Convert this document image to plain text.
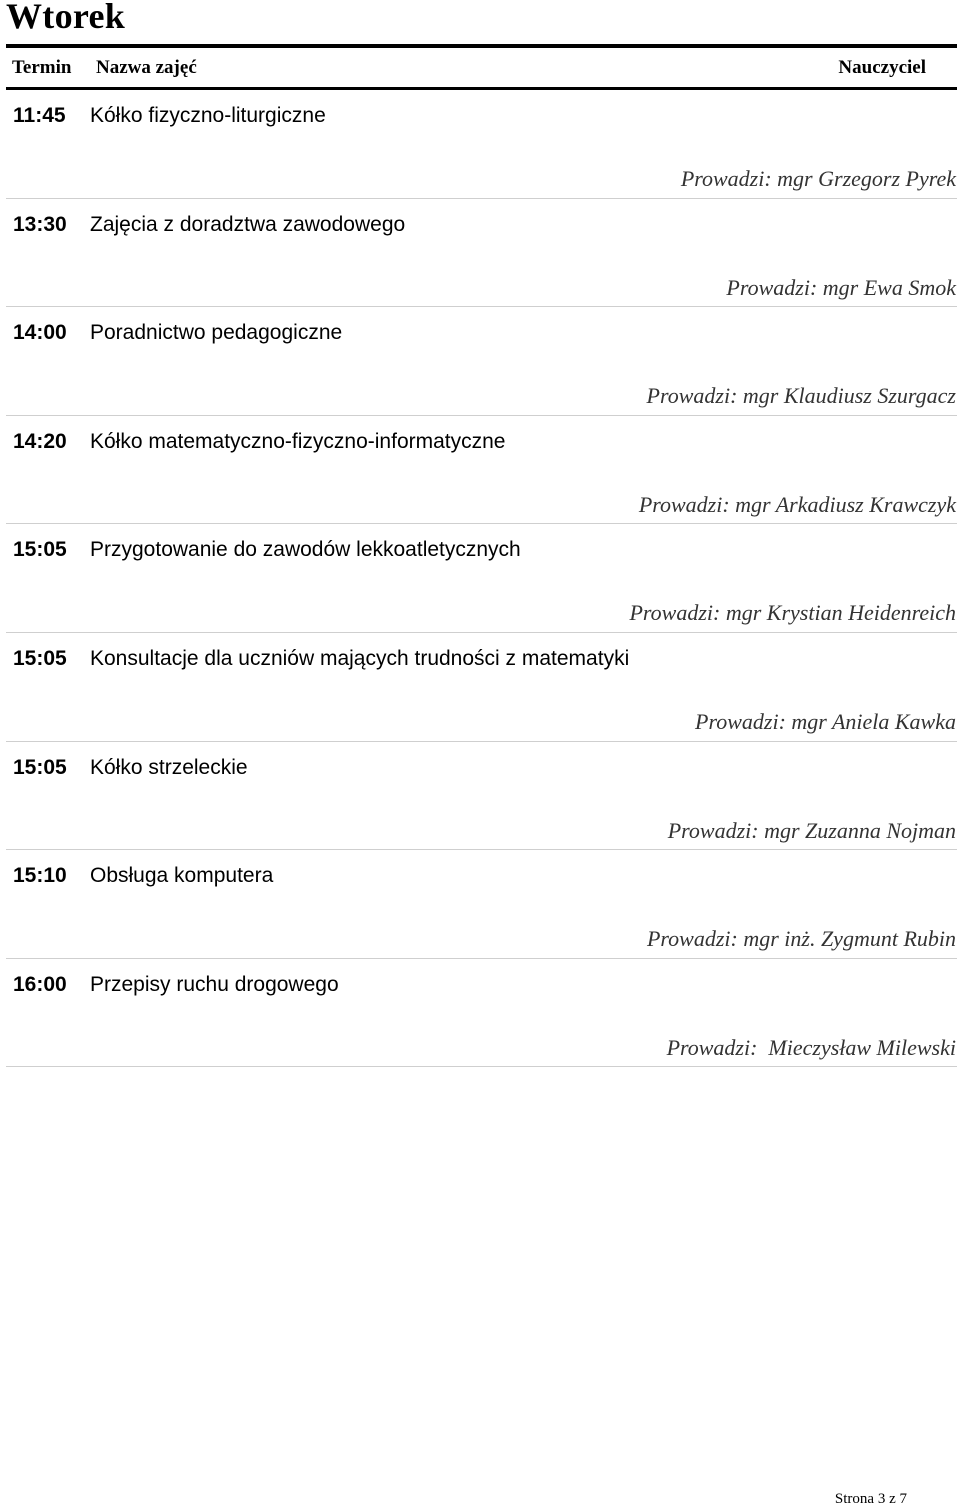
Wtorek
Termin Nazwa zajęć	Nauczyciel
11:45 Kółko fizyczno-liturgiczne
Prowadzi: mgr Grzegorz Pyrek
13:30 Zajęcia z doradztwa zawodowego
Prowadzi: mgr Ewa Smok
14:00 Poradnictwo pedagogiczne
Prowadzi: mgr Klaudiusz Szurgacz
14:20 Kółko matematyczno-fizyczno-informatyczne
Prowadzi: mgr Arkadiusz Krawczyk
15:05 Przygotowanie do zawodów lekkoatletycznych
Prowadzi: mgr Krystian Heidenreich
15:05 Konsultacje dla uczniów mających trudności z matematyki
Prowadzi: mgr Aniela Kawka
15:05 Kółko strzeleckie
Prowadzi: mgr Zuzanna Nojman
15:10 Obsługa komputera
Prowadzi: mgr inż. Zygmunt Rubin
16:00 Przepisy ruchu drogowego
Prowadzi:  Mieczysław Milewski
Strona 3 z 7
